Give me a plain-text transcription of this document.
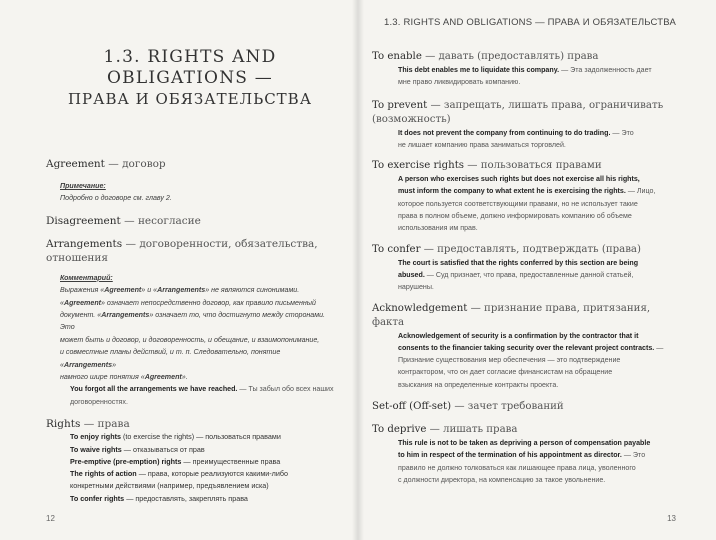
1.3. RIGHTS AND OBLIGATIONS —
ПРАВА И ОБЯЗАТЕЛЬСТВА
Agreement — договор
Примечание:
Подробно о договоре см. главу 2.
Disagreement — несогласие
Arrangements — договоренности, обязательства, отношения
Комментарий:
Выражения «Agreement» и «Arrangements» не являются синонимами.
«Agreement» означает непосредственно договор, как правило письменный
документ. «Arrangements» означает то, что достигнуто между сторонами. Это
может быть и договор, и договоренность, и обещание, и взаимопонимание,
и совместные планы действий, и т. п. Следовательно, понятие «Arrangements»
намного шире понятия «Agreement».
You forgot all the arrangements we have reached. — Ты забыл обо всех наших
договоренностях.
Rights — права
To enjoy rights (to exercise the rights) — пользоваться правами
To waive rights — отказываться от прав
Pre-emptive (pre-emption) rights — преимущественные права
The rights of action — права, которые реализуются какими-либо
конкретными действиями (например, предъявлением иска)
To confer rights — предоставлять, закреплять права
12
1.3. RIGHTS AND OBLIGATIONS — ПРАВА И ОБЯЗАТЕЛЬСТВА
To enable — давать (предоставлять) права
This debt enables me to liquidate this company. — Эта задолженность дает
мне право ликвидировать компанию.
To prevent — запрещать, лишать права, ограничивать
(возможность)
It does not prevent the company from continuing to do trading. — Это
не лишает компанию права заниматься торговлей.
To exercise rights — пользоваться правами
A person who exercises such rights but does not exercise all his rights,
must inform the company to what extent he is exercising the rights. — Лицо,
которое пользуется соответствующими правами, но не использует такие
права в полном объеме, должно информировать компанию об объеме
использования им прав.
To confer — предоставлять, подтверждать (права)
The court is satisfied that the rights conferred by this section are being
abused. — Суд признает, что права, предоставленные данной статьей,
нарушены.
Acknowledgement — признание права, притязания, факта
Acknowledgement of security is a confirmation by the contractor that it
consents to the financier taking security over the relevant project contracts. —
Признание существования мер обеспечения — это подтверждение
контрактором, что он дает согласие финансистам на обращение
взыскания на определенные контракты проекта.
Set-off (Off-set) — зачет требований
To deprive — лишать права
This rule is not to be taken as depriving a person of compensation payable
to him in respect of the termination of his appointment as director. — Это
правило не должно толковаться как лишающее права лица, уволенного
с должности директора, на компенсацию за такое увольнение.
13
